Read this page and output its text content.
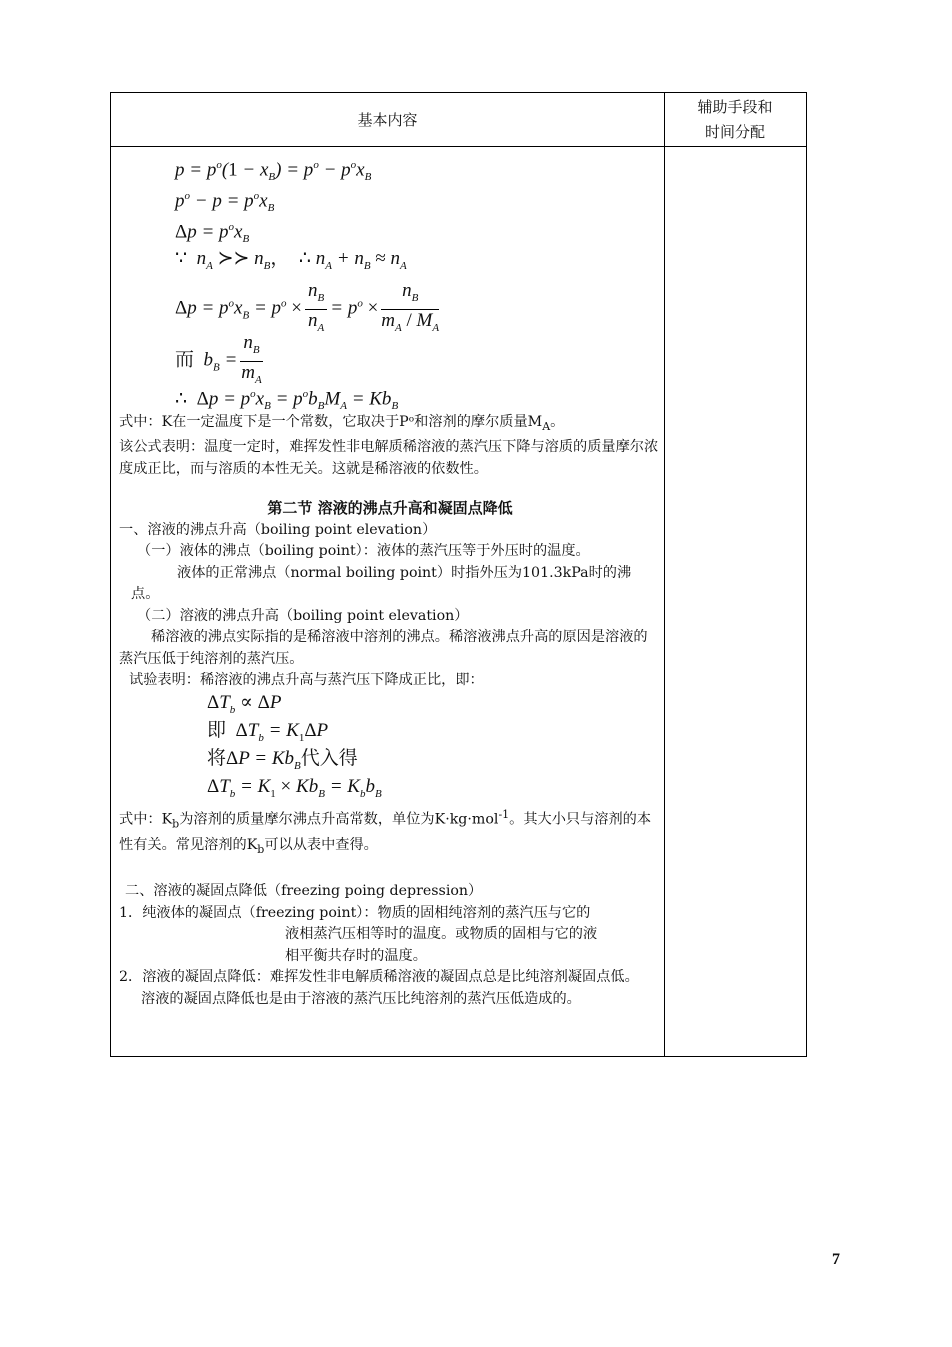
基本内容
辅助手段和
时间分配
$p = p^o(1 - x_B) = p^o - p^ox_B$
$p^o - p = p^ox_B$
$\Delta p = p^ox_B$
∵  $n_A$ ≻≻ $n_B$， ∴ $n_A + n_B \approx n_A$
$\Delta p = p^ox_B = p^o \times \frac{n_B}{n_A} = p^o \times \frac{n_B}{m_A / M_A}$
而  $b_B = \frac{n_B}{m_A}$
∴ $\Delta p = p^ox_B = p^ob_BM_A = Kb_B$

式中：K在一定温度下是一个常数，它取决于Pᵒ和溶剂的摩尔质量$M_A$。

该公式表明：温度一定时，难挥发性非电解质稀溶液的蒸汽压下降与溶质的质量摩尔浓度成正比，而与溶质的本性无关。这就是稀溶液的依数性。

第二节 溶液的沸点升高和凝固点降低

一、溶液的沸点升高（boiling point elevation）

（一）液体的沸点（boiling point）：液体的蒸汽压等于外压时的温度。

液体的正常沸点（normal boiling point）时指外压为101.3kPa时的沸

点。

（二）溶液的沸点升高（boiling point elevation）

稀溶液的沸点实际指的是稀溶液中溶剂的沸点。稀溶液沸点升高的原因是溶液的蒸汽压低于纯溶剂的蒸汽压。

试验表明：稀溶液的沸点升高与蒸汽压下降成正比，即：

$\Delta T_b \propto \Delta P$
即 $\Delta T_b = K_1\Delta P$
将$\Delta P = Kb_B$代入得
$\Delta T_b = K_1 \times Kb_B = K_bb_B$

式中：$K_b$为溶剂的质量摩尔沸点升高常数，单位为K·kg·mol$^{-1}$。其大小只与溶剂的本性有关。常见溶剂的$K_b$可以从表中查得。

二、溶液的凝固点降低（freezing poing depression）

1．纯液体的凝固点（freezing point）：物质的固相纯溶剂的蒸汽压与它的

液相蒸汽压相等时的温度。或物质的固相与它的液

相平衡共存时的温度。

2．溶液的凝固点降低：难挥发性非电解质稀溶液的凝固点总是比纯溶剂凝固点低。

溶液的凝固点降低也是由于溶液的蒸汽压比纯溶剂的蒸汽压低造成的。

7
